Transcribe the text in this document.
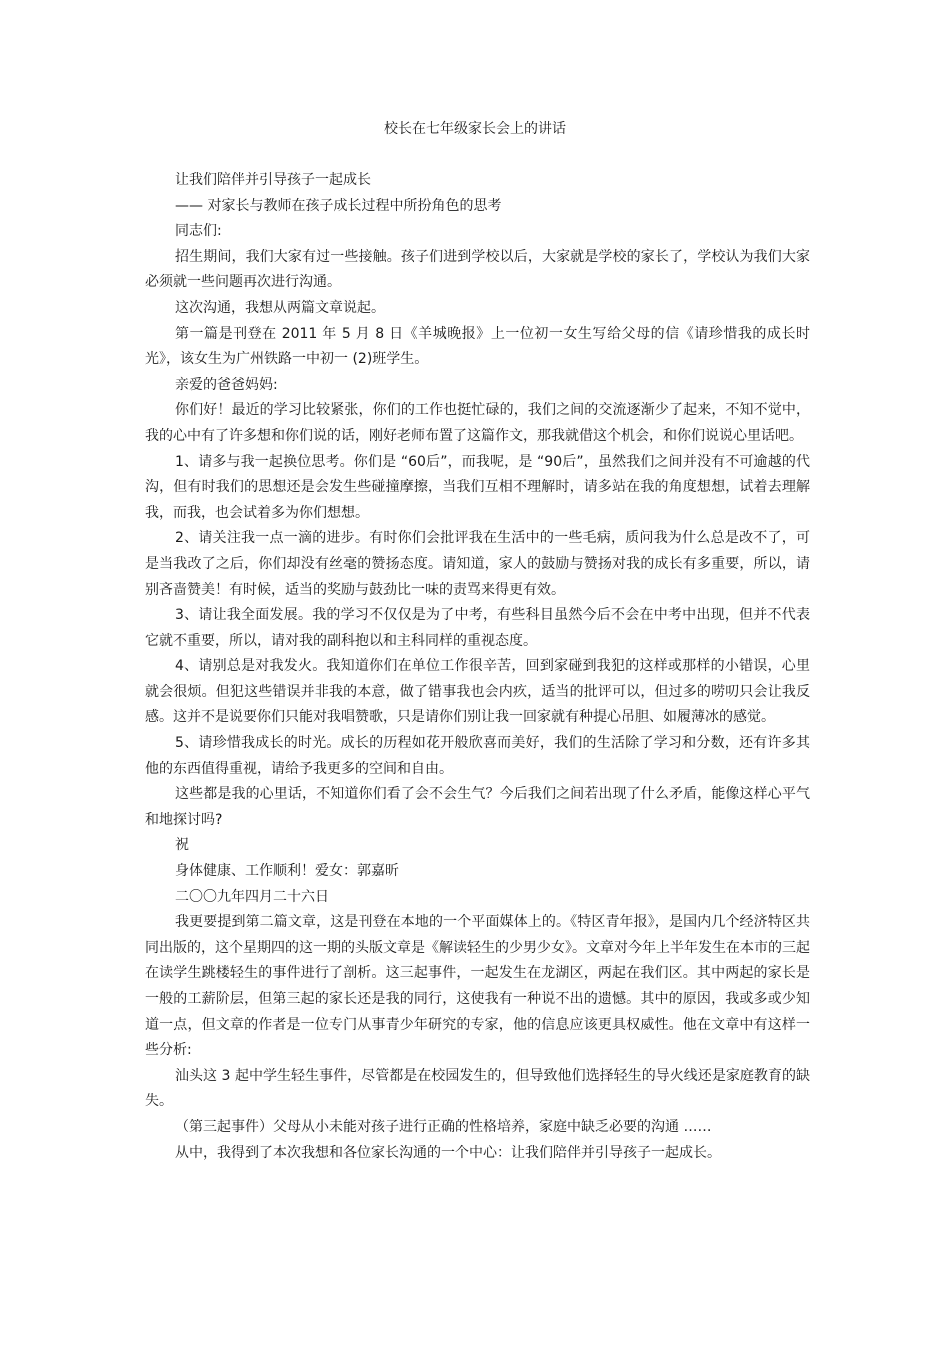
校长在七年级家长会上的讲话

让我们陪伴并引导孩子一起成长

—— 对家长与教师在孩子成长过程中所扮角色的思考

同志们:

招生期间，我们大家有过一些接触。孩子们进到学校以后，大家就是学校的家长了，学校认为我们大家必须就一些问题再次进行沟通。

这次沟通，我想从两篇文章说起。

第一篇是刊登在 2011 年 5 月 8 日《羊城晚报》上一位初一女生写给父母的信《请珍惜我的成长时光》，该女生为广州铁路一中初一 (2)班学生。

亲爱的爸爸妈妈:

你们好！最近的学习比较紧张，你们的工作也挺忙碌的，我们之间的交流逐渐少了起来，不知不觉中，我的心中有了许多想和你们说的话，刚好老师布置了这篇作文，那我就借这个机会，和你们说说心里话吧。

1、请多与我一起换位思考。你们是 “60后”，而我呢，是 “90后”，虽然我们之间并没有不可逾越的代沟，但有时我们的思想还是会发生些碰撞摩擦，当我们互相不理解时，请多站在我的角度想想，试着去理解我，而我，也会试着多为你们想想。

2、请关注我一点一滴的进步。有时你们会批评我在生活中的一些毛病，质问我为什么总是改不了，可是当我改了之后，你们却没有丝毫的赞扬态度。请知道，家人的鼓励与赞扬对我的成长有多重要，所以，请别吝啬赞美！有时候，适当的奖励与鼓劲比一味的责骂来得更有效。

3、请让我全面发展。我的学习不仅仅是为了中考，有些科目虽然今后不会在中考中出现，但并不代表它就不重要，所以，请对我的副科抱以和主科同样的重视态度。

4、请别总是对我发火。我知道你们在单位工作很辛苦，回到家碰到我犯的这样或那样的小错误，心里就会很烦。但犯这些错误并非我的本意，做了错事我也会内疚，适当的批评可以，但过多的唠叨只会让我反感。这并不是说要你们只能对我唱赞歌，只是请你们别让我一回家就有种提心吊胆、如履薄冰的感觉。

5、请珍惜我成长的时光。成长的历程如花开般欣喜而美好，我们的生活除了学习和分数，还有许多其他的东西值得重视，请给予我更多的空间和自由。

这些都是我的心里话，不知道你们看了会不会生气？今后我们之间若出现了什么矛盾，能像这样心平气和地探讨吗?

祝

身体健康、工作顺利！爱女：郭嘉昕

二〇〇九年四月二十六日

我更要提到第二篇文章，这是刊登在本地的一个平面媒体上的。《特区青年报》，是国内几个经济特区共同出版的，这个星期四的这一期的头版文章是《解读轻生的少男少女》。文章对今年上半年发生在本市的三起在读学生跳楼轻生的事件进行了剖析。这三起事件，一起发生在龙湖区，两起在我们区。其中两起的家长是一般的工薪阶层，但第三起的家长还是我的同行，这使我有一种说不出的遗憾。其中的原因，我或多或少知道一点，但文章的作者是一位专门从事青少年研究的专家，他的信息应该更具权威性。他在文章中有这样一些分析:

汕头这 3 起中学生轻生事件，尽管都是在校园发生的，但导致他们选择轻生的导火线还是家庭教育的缺失。

（第三起事件）父母从小未能对孩子进行正确的性格培养，家庭中缺乏必要的沟通 ……

从中，我得到了本次我想和各位家长沟通的一个中心：让我们陪伴并引导孩子一起成长。
